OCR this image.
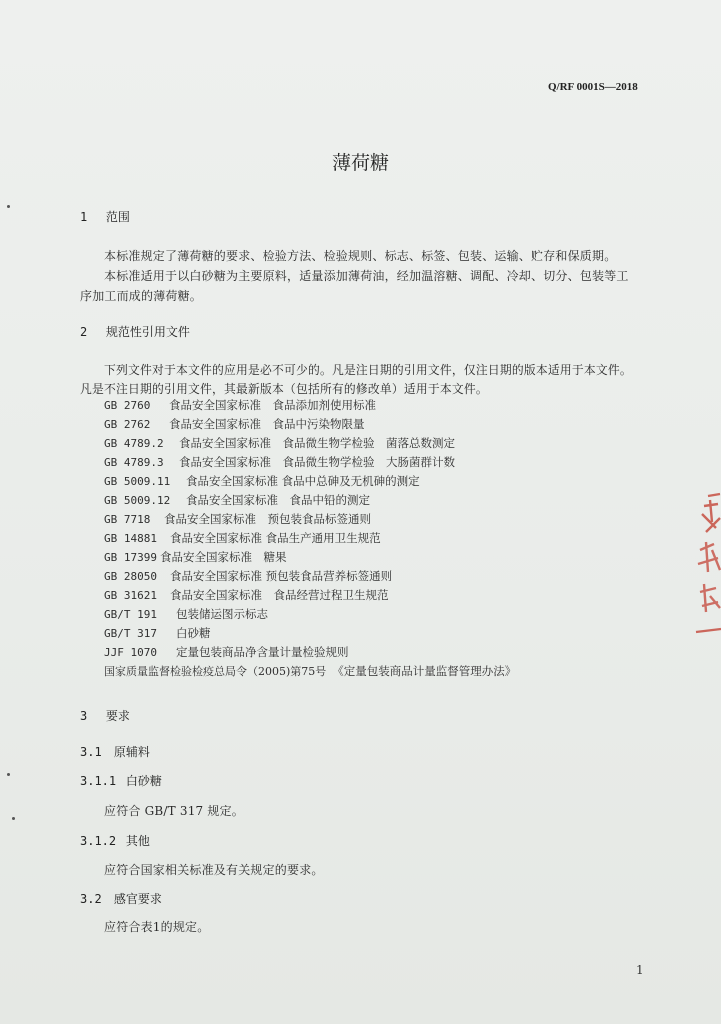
Q/RF 0001S—2018
薄荷糖
1 范围
本标准规定了薄荷糖的要求、检验方法、检验规则、标志、标签、包装、运输、贮存和保质期。
本标准适用于以白砂糖为主要原料，适量添加薄荷油，经加温溶糖、调配、冷却、切分、包装等工
序加工而成的薄荷糖。
2 规范性引用文件
下列文件对于本文件的应用是必不可少的。凡是注日期的引用文件，仅注日期的版本适用于本文件。
凡是不注日期的引用文件，其最新版本（包括所有的修改单）适用于本文件。
GB 2760 食品安全国家标准　食品添加剂使用标准
GB 2762 食品安全国家标准　食品中污染物限量
GB 4789.2 食品安全国家标准　食品微生物学检验　菌落总数测定
GB 4789.3 食品安全国家标准　食品微生物学检验　大肠菌群计数
GB 5009.11 食品安全国家标准 食品中总砷及无机砷的测定
GB 5009.12 食品安全国家标准　食品中铅的测定
GB 7718 食品安全国家标准　预包装食品标签通则
GB 14881 食品安全国家标准 食品生产通用卫生规范
GB 17399 食品安全国家标准　糖果
GB 28050 食品安全国家标准 预包装食品营养标签通则
GB 31621 食品安全国家标准　食品经营过程卫生规范
GB/T 191 包装储运图示标志
GB/T 317 白砂糖
JJF 1070 定量包装商品净含量计量检验规则
国家质量监督检验检疫总局令（2005)第75号 《定量包装商品计量监督管理办法》
3 要求
3.1 原辅料
3.1.1 白砂糖
应符合 GB/T 317 规定。
3.1.2 其他
应符合国家相关标准及有关规定的要求。
3.2 感官要求
应符合表1的规定。
1
